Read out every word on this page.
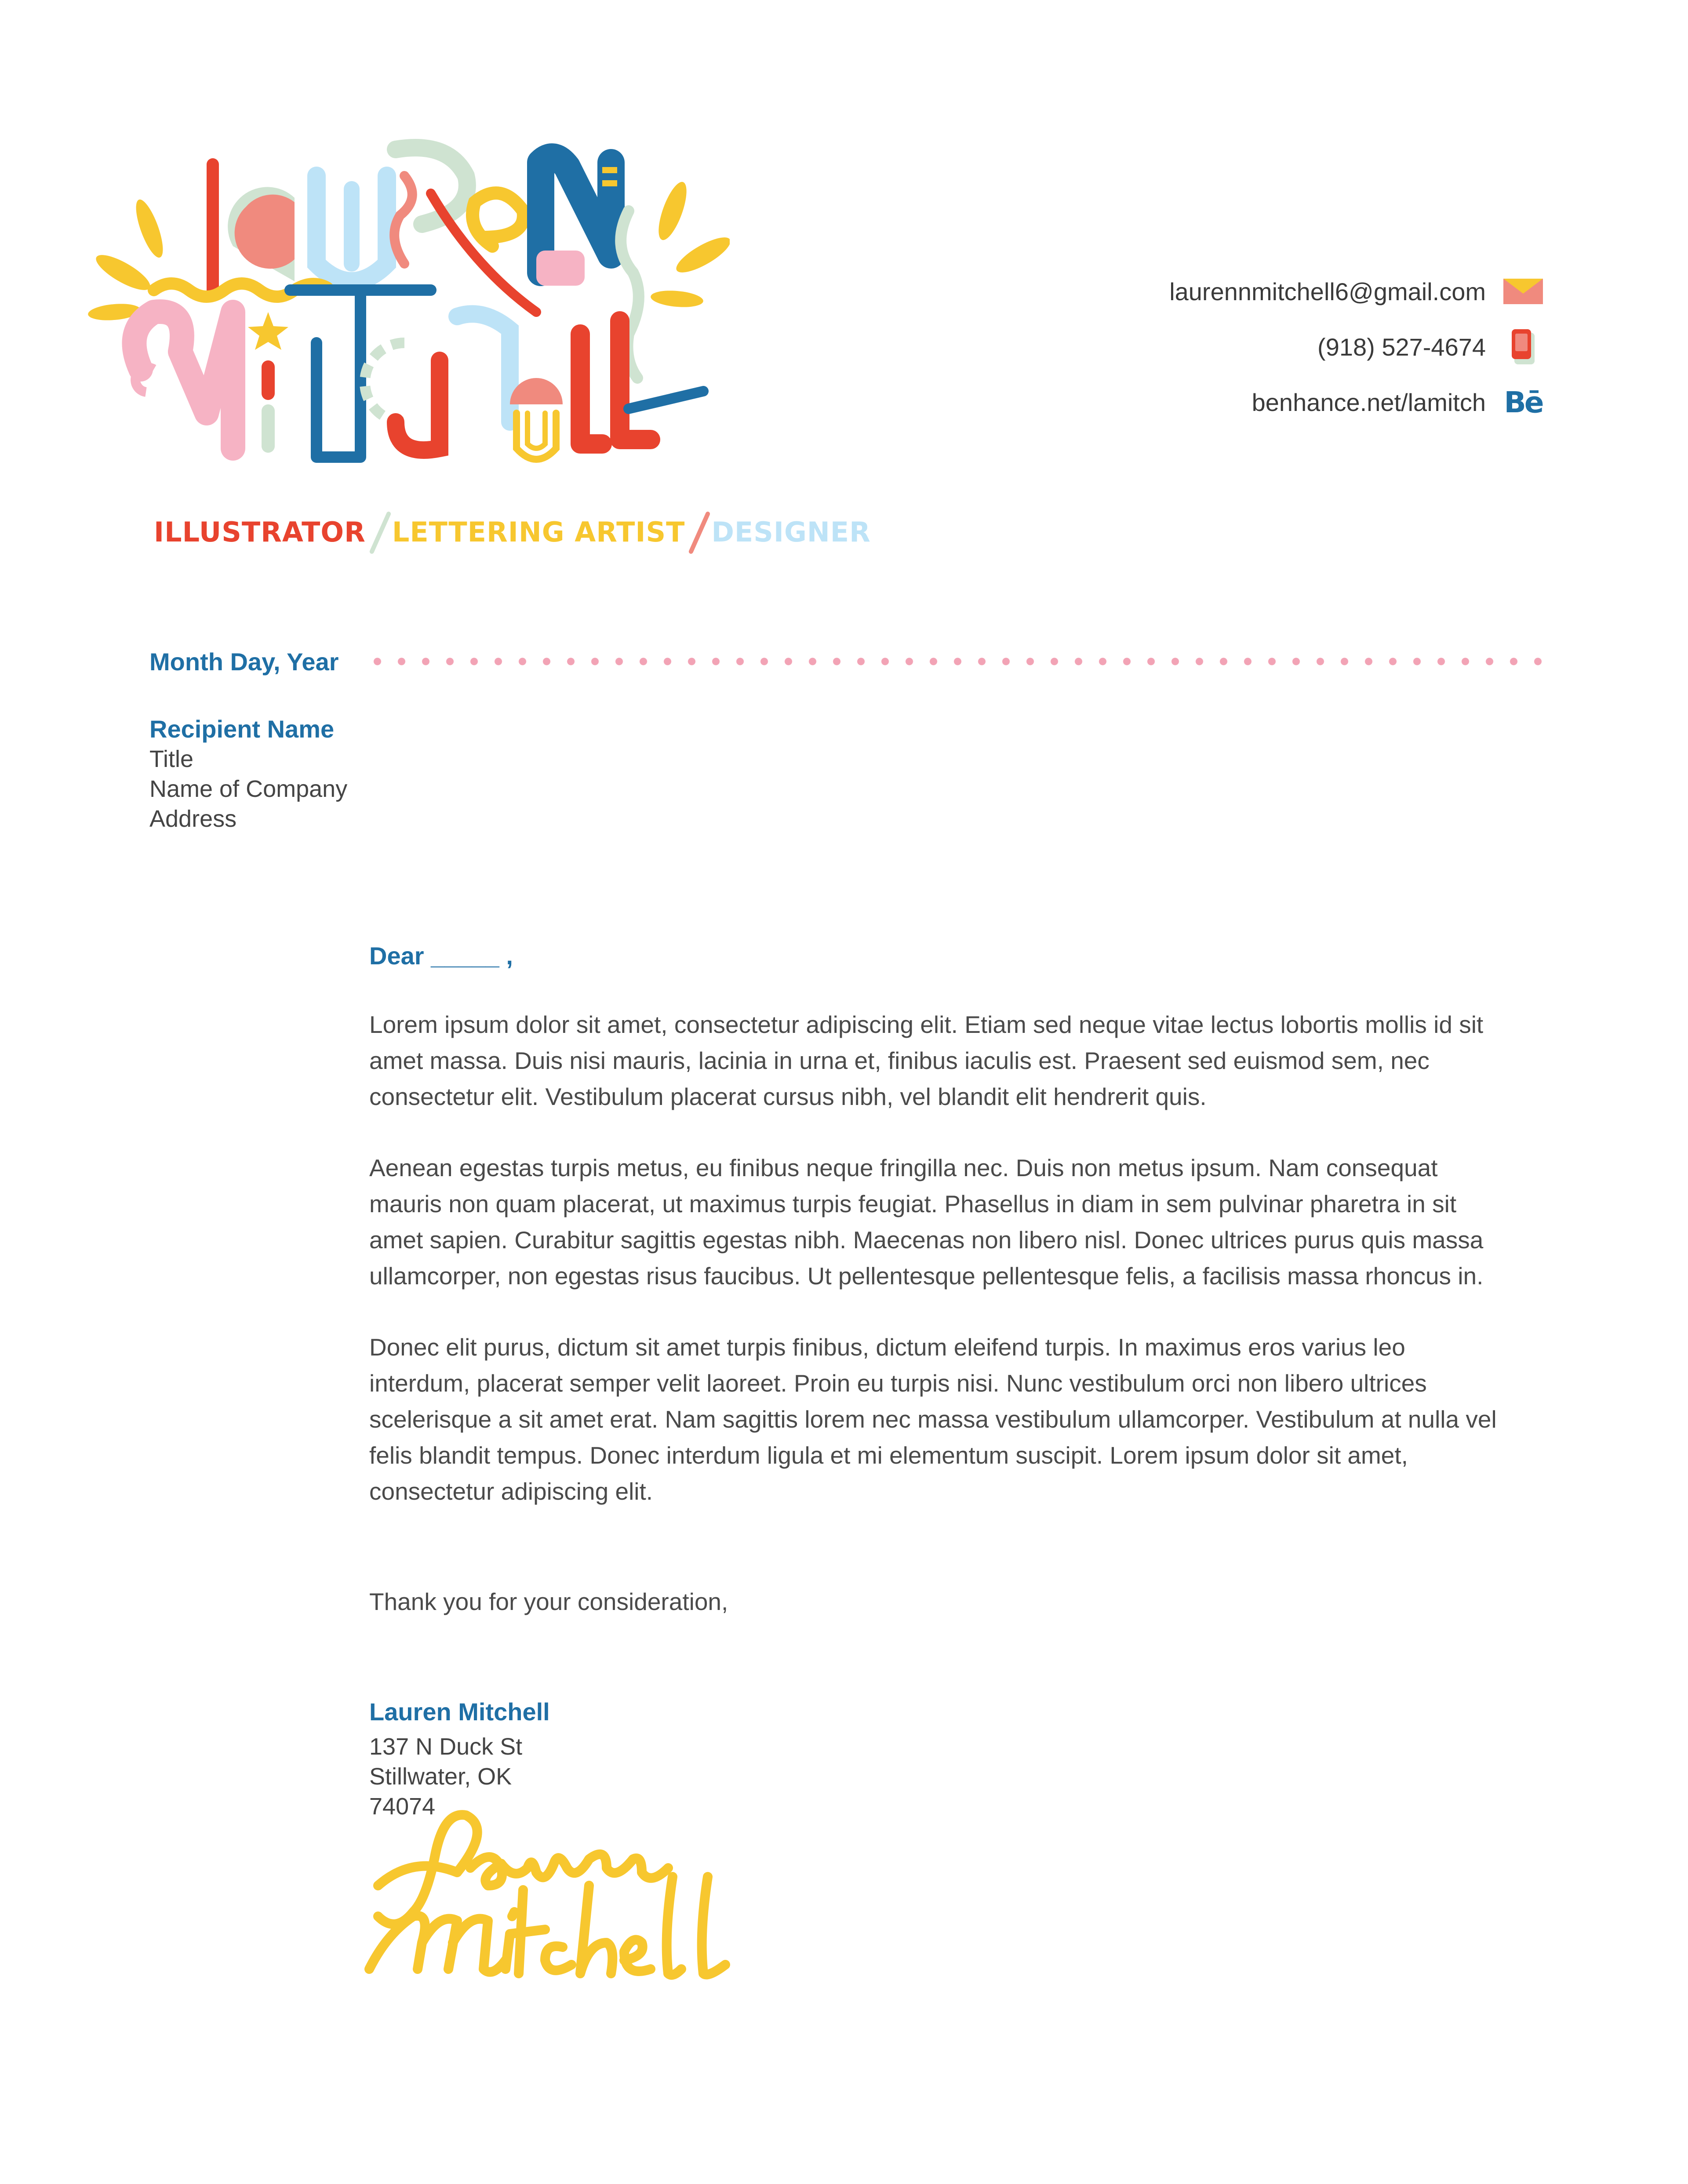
ILLUSTRATOR LETTERING ARTIST DESIGNER
laurennmitchell6@gmail.com
(918) 527-4674
benhance.net/lamitch Bē
Month Day, Year
Recipient Name
Title
Name of Company
Address
Dear _____ ,

Lorem ipsum dolor sit amet, consectetur adipiscing elit. Etiam sed neque vitae lectus lobortis mollis id sit amet massa. Duis nisi mauris, lacinia in urna et, finibus iaculis est. Praesent sed euismod sem, nec consectetur elit. Vestibulum placerat cursus nibh, vel blandit elit hendrerit quis.

Aenean egestas turpis metus, eu finibus neque fringilla nec. Duis non metus ipsum. Nam consequat mauris non quam placerat, ut maximus turpis feugiat. Phasellus in diam in sem pulvinar pharetra in sit amet sapien. Curabitur sagittis egestas nibh. Maecenas non libero nisl. Donec ultrices purus quis massa ullamcorper, non egestas risus faucibus. Ut pellentesque pellentesque felis, a facilisis massa rhoncus in.

Donec elit purus, dictum sit amet turpis finibus, dictum eleifend turpis. In maximus eros varius leo interdum, placerat semper velit laoreet. Proin eu turpis nisi. Nunc vestibulum orci non libero ultrices scelerisque a sit amet erat. Nam sagittis lorem nec massa vestibulum ullamcorper. Vestibulum at nulla vel felis blandit tempus. Donec interdum ligula et mi elementum suscipit. Lorem ipsum dolor sit amet, consectetur adipiscing elit.

Thank you for your consideration,
Lauren Mitchell
137 N Duck St
Stillwater, OK
74074
